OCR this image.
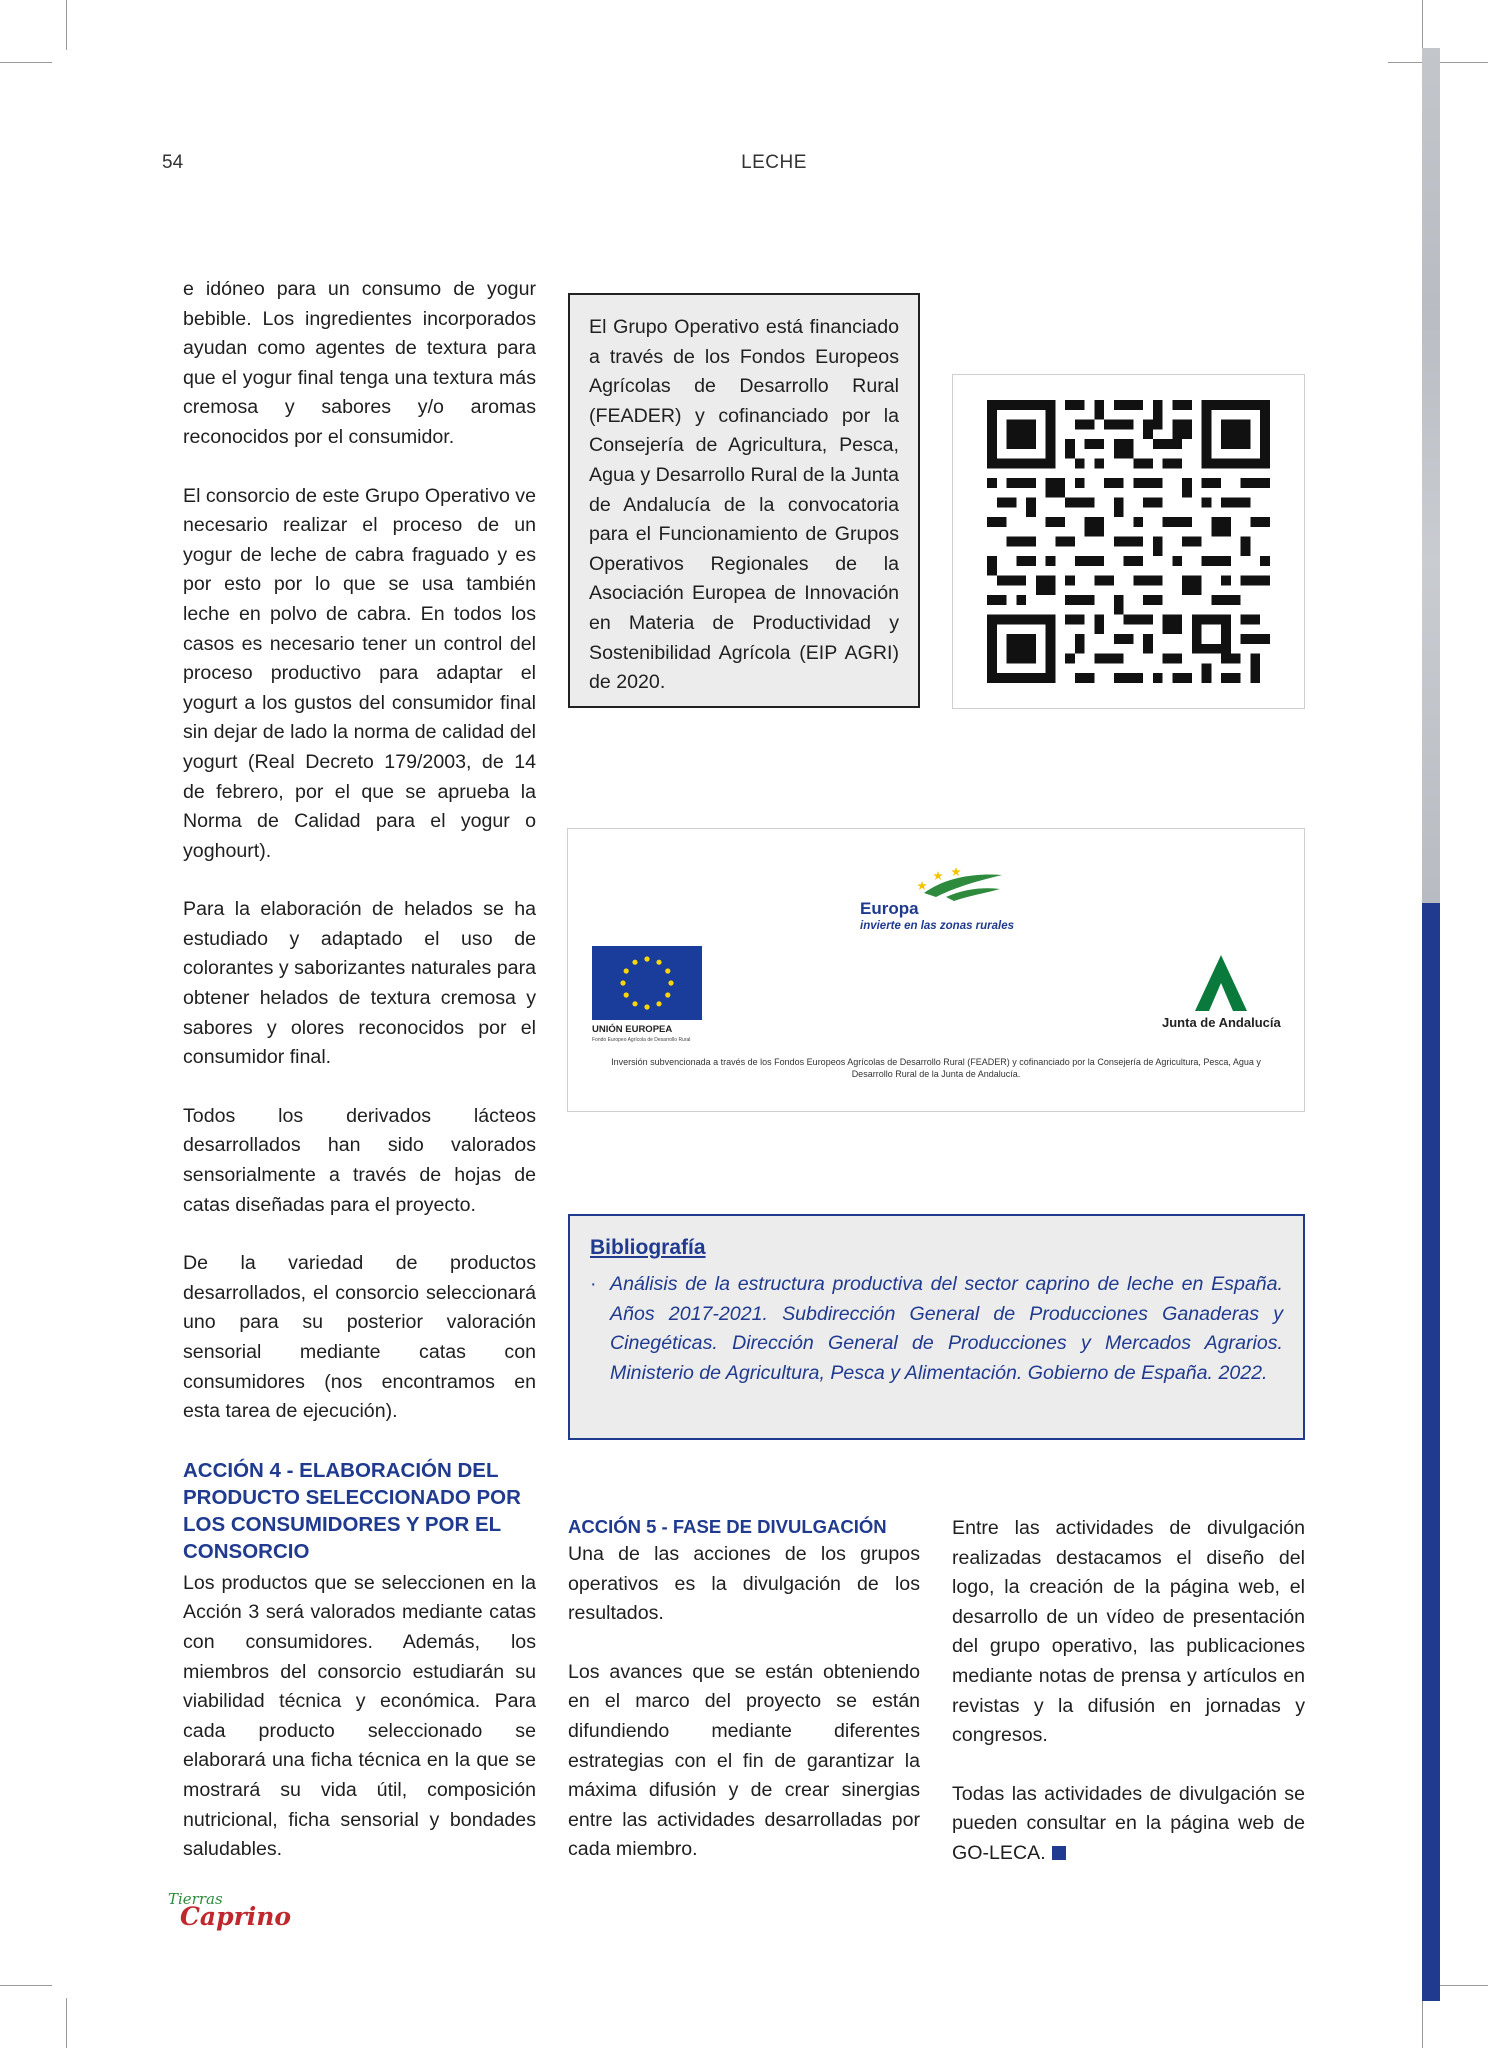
54	LECHE

e idóneo para un consumo de yogur bebible. Los ingredientes incorporados ayudan como agentes de textura para que el yogur final tenga una textura más cremosa y sabores y/o aromas reconocidos por el consumidor.

El consorcio de este Grupo Operativo ve necesario realizar el proceso de un yogur de leche de cabra fraguado y es por esto por lo que se usa también leche en polvo de cabra. En todos los casos es necesario tener un control del proceso productivo para adaptar el yogurt a los gustos del consumidor final sin dejar de lado la norma de calidad del yogurt (Real Decreto 179/2003, de 14 de febrero, por el que se aprueba la Norma de Calidad para el yogur o yoghourt).

Para la elaboración de helados se ha estudiado y adaptado el uso de colorantes y saborizantes naturales para obtener helados de textura cremosa y sabores y olores reconocidos por el consumidor final.

Todos los derivados lácteos desarrollados han sido valorados sensorialmente a través de hojas de catas diseñadas para el proyecto.

De la variedad de productos desarrollados, el consorcio seleccionará uno para su posterior valoración sensorial mediante catas con consumidores (nos encontramos en esta tarea de ejecución).

ACCIÓN 4 - ELABORACIÓN DEL PRODUCTO SELECCIONADO POR LOS CONSUMIDORES Y POR EL CONSORCIO

Los productos que se seleccionen en la Acción 3 será valorados mediante catas con consumidores. Además, los miembros del consorcio estudiarán su viabilidad técnica y económica. Para cada producto seleccionado se elaborará una ficha técnica en la que se mostrará su vida útil, composición nutricional, ficha sensorial y bondades saludables.

El Grupo Operativo está financiado a través de los Fondos Europeos Agrícolas de Desarrollo Rural (FEADER) y cofinanciado por la Consejería de Agricultura, Pesca, Agua y Desarrollo Rural de la Junta de Andalucía de la convocatoria para el Funcionamiento de Grupos Operativos Regionales de la Asociación Europea de Innovación en Materia de Productividad y Sostenibilidad Agrícola (EIP AGRI) de 2020.
Europa
invierte en las zonas rurales
UNIÓN EUROPEA
Fondo Europeo Agrícola de Desarrollo Rural
Junta de Andalucía
Inversión subvencionada a través de los Fondos Europeos Agrícolas de Desarrollo Rural (FEADER) y cofinanciado por la Consejería de Agricultura, Pesca, Agua y Desarrollo Rural de la Junta de Andalucía.
Bibliografía
· Análisis de la estructura productiva del sector caprino de leche en España. Años 2017-2021. Subdirección General de Producciones Ganaderas y Cinegéticas. Dirección General de Producciones y Mercados Agrarios. Ministerio de Agricultura, Pesca y Alimentación. Gobierno de España. 2022.
ACCIÓN 5 - FASE DE DIVULGACIÓN

Una de las acciones de los grupos operativos es la divulgación de los resultados.

Los avances que se están obteniendo en el marco del proyecto se están difundiendo mediante diferentes estrategias con el fin de garantizar la máxima difusión y de crear sinergias entre las actividades desarrolladas por cada miembro.

Entre las actividades de divulgación realizadas destacamos el diseño del logo, la creación de la página web, el desarrollo de un vídeo de presentación del grupo operativo, las publicaciones mediante notas de prensa y artículos en revistas y la difusión en jornadas y congresos.

Todas las actividades de divulgación se pueden consultar en la página web de GO-LECA.

Tierras
Caprino
